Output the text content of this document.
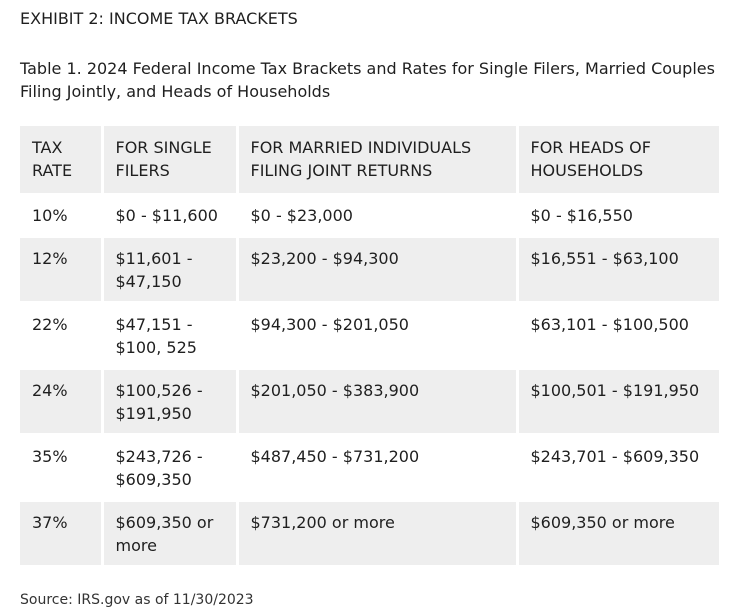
EXHIBIT 2: INCOME TAX BRACKETS
Table 1. 2024 Federal Income Tax Brackets and Rates for Single Filers, Married Couples Filing Jointly, and Heads of Households
TAX RATE	FOR SINGLE FILERS	FOR MARRIED INDIVIDUALS FILING JOINT RETURNS	FOR HEADS OF HOUSEHOLDS
10%	$0 - $11,600	$0 - $23,000	$0 - $16,550
12%	$11,601 - $47,150	$23,200 - $94,300	$16,551 - $63,100
22%	$47,151 - $100, 525	$94,300 - $201,050	$63,101 - $100,500
24%	$100,526 - $191,950	$201,050 - $383,900	$100,501 - $191,950
35%	$243,726 - $609,350	$487,450 - $731,200	$243,701 - $609,350
37%	$609,350 or more	$731,200 or more	$609,350 or more
Source: IRS.gov as of 11/30/2023
